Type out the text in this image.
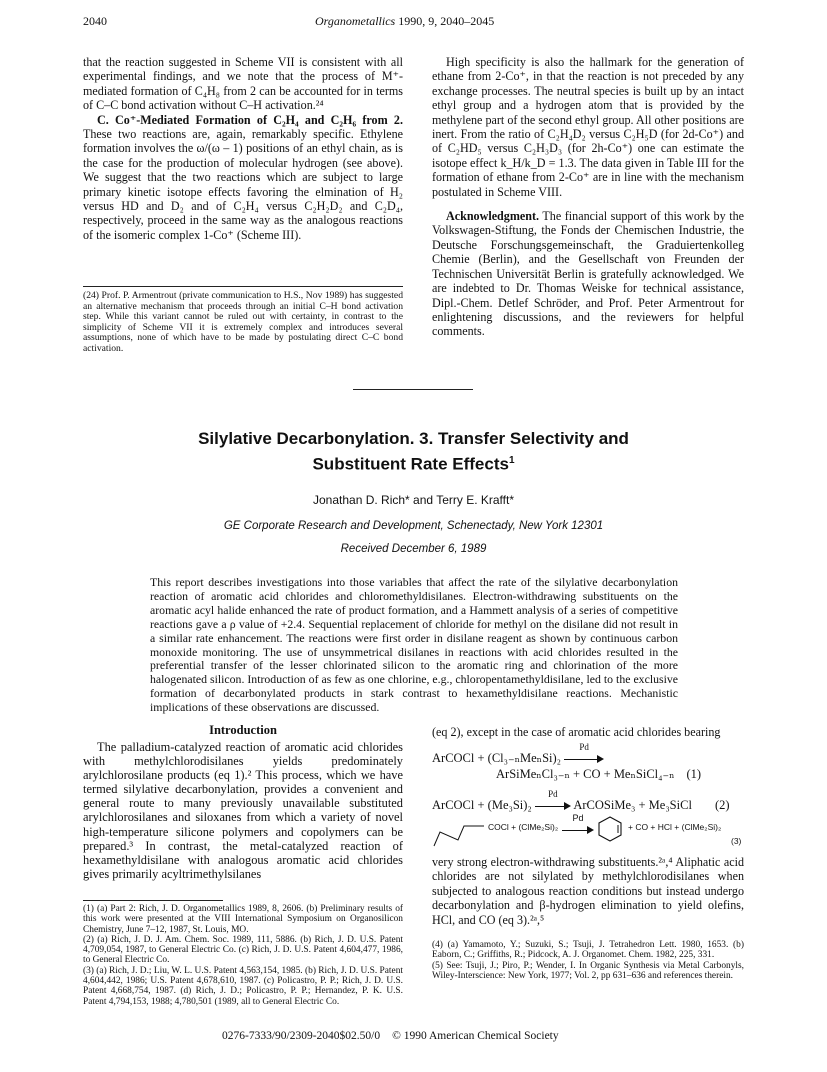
2040	Organometallics 1990, 9, 2040–2045

that the reaction suggested in Scheme VII is consistent with all experimental findings, and we note that the process of M⁺-mediated formation of C₄H₈ from 2 can be accounted for in terms of C–C bond activation without C–H activation.²⁴

C. Co⁺-Mediated Formation of C₂H₄ and C₂H₆ from 2. These two reactions are, again, remarkably specific. Ethylene formation involves the ω/(ω – 1) positions of an ethyl chain, as is the case for the production of molecular hydrogen (see above). We suggest that the two reactions which are subject to large primary kinetic isotope effects favoring the elmination of H₂ versus HD and D₂ and of C₂H₄ versus C₂H₂D₂ and C₂D₄, respectively, proceed in the same way as the analogous reactions of the isomeric complex 1-Co⁺ (Scheme III).

(24) Prof. P. Armentrout (private communication to H.S., Nov 1989) has suggested an alternative mechanism that proceeds through an initial C–H bond activation step. While this variant cannot be ruled out with certainty, in contrast to the simplicity of Scheme VII it is extremely complex and introduces several assumptions, none of which have to be made by postulating direct C–C bond activation.

High specificity is also the hallmark for the generation of ethane from 2-Co⁺, in that the reaction is not preceded by any exchange processes. The neutral species is built up by an intact ethyl group and a hydrogen atom that is provided by the methylene part of the second ethyl group. All other positions are inert. From the ratio of C₂H₄D₂ versus C₂H₅D (for 2d-Co⁺) and of C₂HD₅ versus C₂H₃D₃ (for 2h-Co⁺) one can estimate the isotope effect k_H/k_D = 1.3. The data given in Table III for the formation of ethane from 2-Co⁺ are in line with the mechanism postulated in Scheme VIII.

Acknowledgment. The financial support of this work by the Volkswagen-Stiftung, the Fonds der Chemischen Industrie, the Deutsche Forschungsgemeinschaft, the Graduiertenkolleg Chemie (Berlin), and the Gesellschaft von Freunden der Technischen Universität Berlin is gratefully acknowledged. We are indebted to Dr. Thomas Weiske for technical assistance, Dipl.-Chem. Detlef Schröder, and Prof. Peter Armentrout for enlightening discussions, and the reviewers for helpful comments.

Silylative Decarbonylation. 3. Transfer Selectivity and
Substituent Rate Effects$^1$
Jonathan D. Rich* and Terry E. Krafft*
GE Corporate Research and Development, Schenectady, New York 12301
Received December 6, 1989
This report describes investigations into those variables that affect the rate of the silylative decarbonylation reaction of aromatic acid chlorides and chloromethyldisilanes. Electron-withdrawing substituents on the aromatic acyl halide enhanced the rate of product formation, and a Hammett analysis of a series of competitive reactions gave a ρ value of +2.4. Sequential replacement of chloride for methyl on the disilane did not result in a similar rate enhancement. The reactions were first order in disilane reagent as shown by continuous carbon monoxide monitoring. The use of unsymmetrical disilanes in reactions with acid chlorides resulted in the preferential transfer of the lesser chlorinated silicon to the aromatic ring and chlorination of the more halogenated silicon. Introduction of as few as one chlorine, e.g., chloropentamethyldisilane, led to the exclusive formation of decarbonylated products in stark contrast to hexamethyldisilane reactions. Mechanistic implications of these observations are discussed.
Introduction
The palladium-catalyzed reaction of aromatic acid chlorides with methylchlorodisilanes yields predominately arylchlorosilane products (eq 1).² This process, which we have termed silylative decarbonylation, provides a convenient and general route to many previously unavailable substituted arylchlorosilanes and siloxanes from which a variety of novel high-temperature silicone polymers and copolymers can be prepared.³ In contrast, the metal-catalyzed reaction of hexamethyldisilane with analogous aromatic acid chlorides gives primarily acyltrimethylsilanes

(1) (a) Part 2: Rich, J. D. Organometallics 1989, 8, 2606. (b) Preliminary results of this work were presented at the VIII International Symposium on Organosilicon Chemistry, June 7–12, 1987, St. Louis, MO.

(2) (a) Rich, J. D. J. Am. Chem. Soc. 1989, 111, 5886. (b) Rich, J. D. U.S. Patent 4,709,054, 1987, to General Electric Co. (c) Rich, J. D. U.S. Patent 4,604,477, 1986, to General Electric Co.

(3) (a) Rich, J. D.; Liu, W. L. U.S. Patent 4,563,154, 1985. (b) Rich, J. D. U.S. Patent 4,604,442, 1986; U.S. Patent 4,678,610, 1987. (c) Policastro, P. P.; Rich, J. D. U.S. Patent 4,668,754, 1987. (d) Rich, J. D.; Policastro, P. P.; Hernandez, P. K. U.S. Patent 4,794,153, 1988; 4,780,501 (1989, all to General Electric Co.

(eq 2), except in the case of aromatic acid chlorides bearing
ArCOCl + (Cl₃₋ₙMeₙSi)₂
Pd
ArSiMeₙCl₃₋ₙ + CO + MeₙSiCl₄₋ₙ (1)
ArCOCl + (Me₃Si)₂
Pd
ArCOSiMe₃ + Me₃SiCl (2)
COCl + (ClMe₂Si)₂
Pd
+ CO + HCl + (ClMe₂Si)₂
(3)
very strong electron-withdrawing substituents.²ᵃ,⁴ Aliphatic acid chlorides are not silylated by methylchlorodisilanes when subjected to analogous reaction conditions but instead undergo decarbonylation and β-hydrogen elimination to yield olefins, HCl, and CO (eq 3).²ᵃ,⁵

(4) (a) Yamamoto, Y.; Suzuki, S.; Tsuji, J. Tetrahedron Lett. 1980, 1653. (b) Eaborn, C.; Griffiths, R.; Pidcock, A. J. Organomet. Chem. 1982, 225, 331.

(5) See: Tsuji, J.; Piro, P.; Wender, I. In Organic Synthesis via Metal Carbonyls, Wiley-Interscience: New York, 1977; Vol. 2, pp 631–636 and references therein.

0276-7333/90/2309-2040$02.50/0 © 1990 American Chemical Society
